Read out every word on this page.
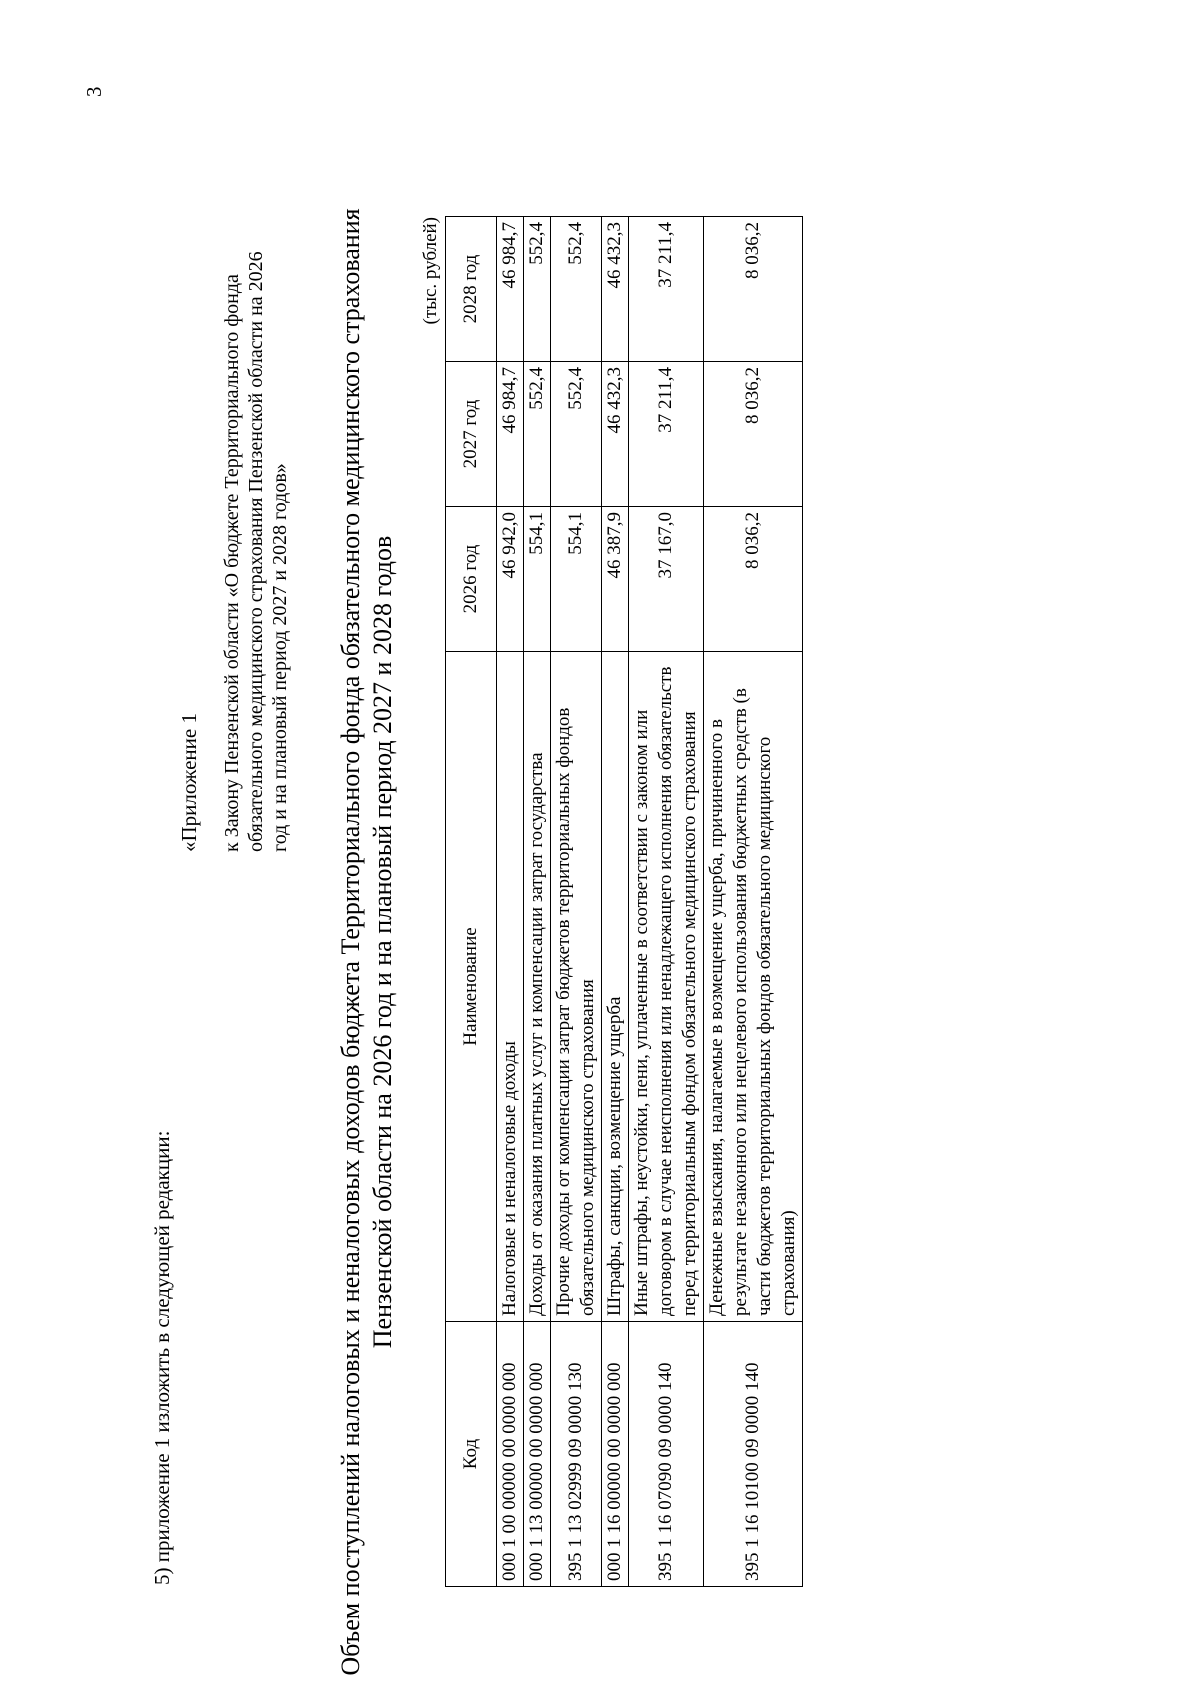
3
5) приложение 1 изложить в следующей редакции:
«Приложение 1 к Закону Пензенской области «О бюджете Территориального фонда обязательного медицинского страхования Пензенской области на 2026 год и на плановый период 2027 и 2028 годов» Объем поступлений налоговых и неналоговых доходов бюджета Территориального фонда обязательного медицинского страхования Пензенской области на 2026 год и на плановый период 2027 и 2028 годов
(тыс. рублей)
Код	Наименование	2026 год	2027 год	2028 год
000 1 00 00000 00 0000 000	Налоговые и неналоговые доходы	46 942,0	46 984,7	46 984,7
000 1 13 00000 00 0000 000	Доходы от оказания платных услуг и компенсации затрат государства	554,1	552,4	552,4
395 1 13 02999 09 0000 130	Прочие доходы от компенсации затрат бюджетов территориальных фондов обязательного медицинского страхования	554,1	552,4	552,4
000 1 16 00000 00 0000 000	Штрафы, санкции, возмещение ущерба	46 387,9	46 432,3	46 432,3
395 1 16 07090 09 0000 140	Иные штрафы, неустойки, пени, уплаченные в соответствии с законом или договором в случае неисполнения или ненадлежащего исполнения обязательств перед территориальным фондом обязательного медицинского страхования	37 167,0	37 211,4	37 211,4
395 1 16 10100 09 0000 140	Денежные взыскания, налагаемые в возмещение ущерба, причиненного в результате незаконного или нецелевого использования бюджетных средств (в части бюджетов территориальных фондов обязательного медицинского страхования)	8 036,2	8 036,2	8 036,2
